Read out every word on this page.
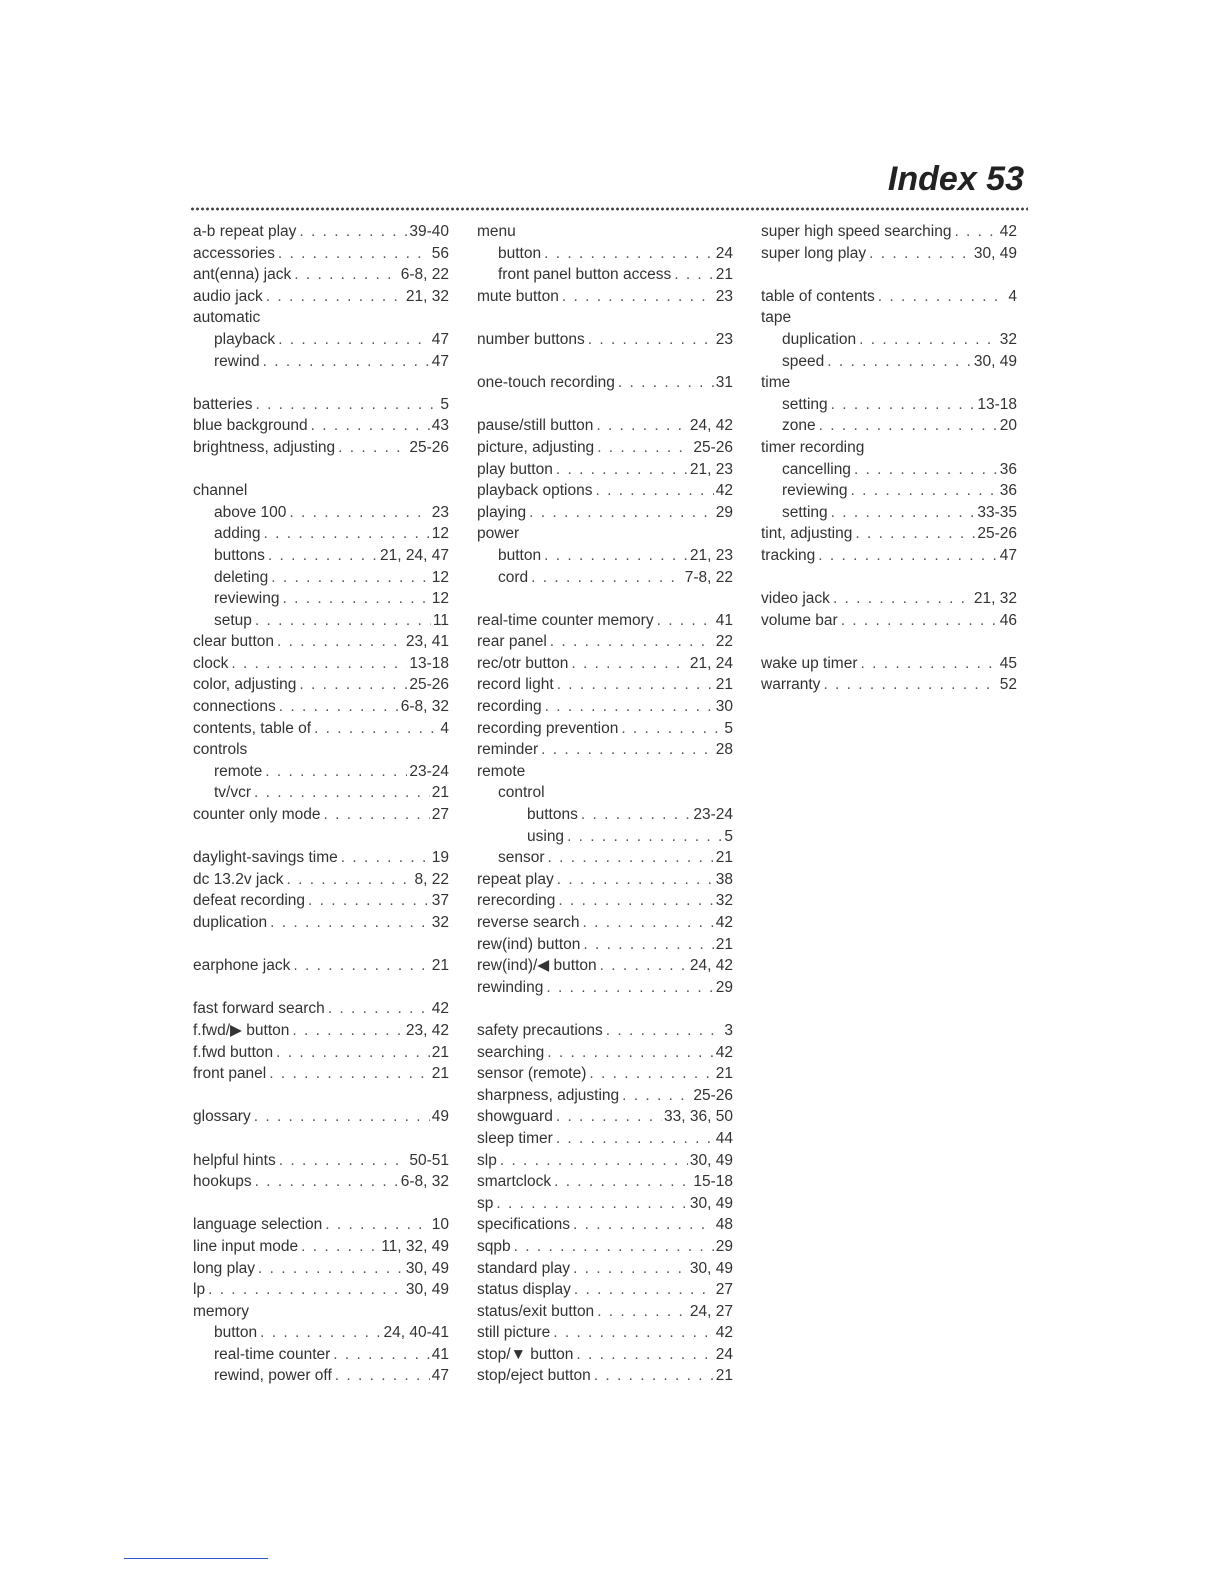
Index 53
a-b repeat play . . .	39-40
accessories . . .	56
ant(enna) jack . . .	6-8, 22
audio jack . . .	21, 32
automatic
playback . . .	47
rewind . . .	47
batteries . . .	5
blue background . . .	43
brightness, adjusting . . .	25-26
channel
above 100 . . .	23
adding . . .	12
buttons . . .	21, 24, 47
deleting . . .	12
reviewing . . .	12
setup . . .	11
clear button . . .	23, 41
clock . . .	13-18
color, adjusting . . .	25-26
connections . . .	6-8, 32
contents, table of . . .	4
controls
remote . . .	23-24
tv/vcr . . .	21
counter only mode . . .	27
daylight-savings time . . .	19
dc 13.2v jack . . .	8, 22
defeat recording . . .	37
duplication . . .	32
earphone jack . . .	21
fast forward search . . .	42
f.fwd/▶ button . . .	23, 42
f.fwd button . . .	21
front panel . . .	21
glossary . . .	49
helpful hints . . .	50-51
hookups . . .	6-8, 32
language selection . . .	10
line input mode . . .	11, 32, 49
long play . . .	30, 49
lp . . .	30, 49
memory
button . . .	24, 40-41
real-time counter . . .	41
rewind, power off . . .	47
menu
button . . .	24
front panel button access . . .	21
mute button . . .	23
number buttons . . .	23
one-touch recording . . .	31
pause/still button . . .	24, 42
picture, adjusting . . .	25-26
play button . . .	21, 23
playback options . . .	42
playing . . .	29
power
button . . .	21, 23
cord . . .	7-8, 22
real-time counter memory . . .	41
rear panel . . .	22
rec/otr button . . .	21, 24
record light . . .	21
recording . . .	30
recording prevention . . .	5
reminder . . .	28
remote
control
buttons . . .	23-24
using . . .	5
sensor . . .	21
repeat play . . .	38
rerecording . . .	32
reverse search . . .	42
rew(ind) button . . .	21
rew(ind)/◀ button . . .	24, 42
rewinding . . .	29
safety precautions . . .	3
searching . . .	42
sensor (remote) . . .	21
sharpness, adjusting . . .	25-26
showguard . . .	33, 36, 50
sleep timer . . .	44
slp . . .	30, 49
smartclock . . .	15-18
sp . . .	30, 49
specifications . . .	48
sqpb . . .	29
standard play . . .	30, 49
status display . . .	27
status/exit button . . .	24, 27
still picture . . .	42
stop/▼ button . . .	24
stop/eject button . . .	21
super high speed searching . . .	42
super long play . . .	30, 49
table of contents . . .	4
tape
duplication . . .	32
speed . . .	30, 49
time
setting . . .	13-18
zone . . .	20
timer recording
cancelling . . .	36
reviewing . . .	36
setting . . .	33-35
tint, adjusting . . .	25-26
tracking . . .	47
video jack . . .	21, 32
volume bar . . .	46
wake up timer . . .	45
warranty . . .	52
